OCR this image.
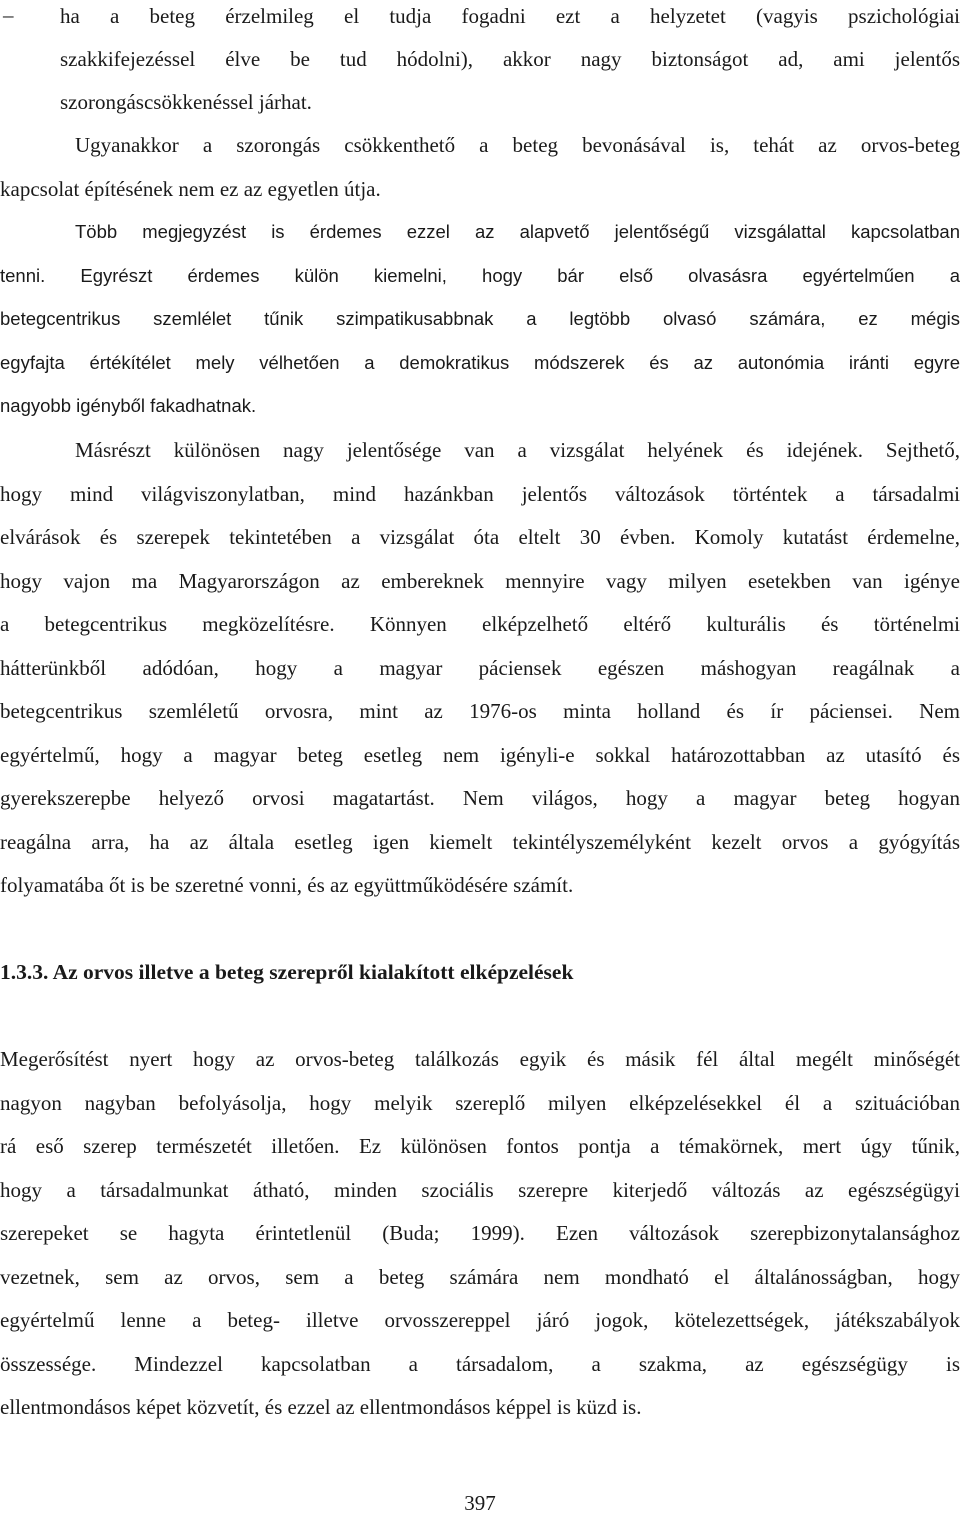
–	ha a beteg érzelmileg el tudja fogadni ezt a helyzetet (vagyis pszichológiai
szakkifejezéssel élve be tud hódolni), akkor nagy biztonságot ad, ami jelentős
szorongáscsökkenéssel járhat.
Ugyanakkor a szorongás csökkenthető a beteg bevonásával is, tehát az orvos-beteg
kapcsolat építésének nem ez az egyetlen útja.
Több megjegyzést is érdemes ezzel az alapvető jelentőségű vizsgálattal kapcsolatban
tenni. Egyrészt érdemes külön kiemelni, hogy bár első olvasásra egyértelműen a
betegcentrikus szemlélet tűnik szimpatikusabbnak a legtöbb olvasó számára, ez mégis
egyfajta értékítélet mely vélhetően a demokratikus módszerek és az autonómia iránti egyre
nagyobb igényből fakadhatnak.
Másrészt különösen nagy jelentősége van a vizsgálat helyének és idejének. Sejthető,
hogy mind világviszonylatban, mind hazánkban jelentős változások történtek a társadalmi
elvárások és szerepek tekintetében a vizsgálat óta eltelt 30 évben. Komoly kutatást érdemelne,
hogy vajon ma Magyarországon az embereknek mennyire vagy milyen esetekben van igénye
a betegcentrikus megközelítésre. Könnyen elképzelhető eltérő kulturális és történelmi
hátterünkből adódóan, hogy a magyar páciensek egészen máshogyan reagálnak a
betegcentrikus szemléletű orvosra, mint az 1976-os minta holland és ír páciensei. Nem
egyértelmű, hogy a magyar beteg esetleg nem igényli-e sokkal határozottabban az utasító és
gyerekszerepbe helyező orvosi magatartást. Nem világos, hogy a magyar beteg hogyan
reagálna arra, ha az általa esetleg igen kiemelt tekintélyszemélyként kezelt orvos a gyógyítás
folyamatába őt is be szeretné vonni, és az együttműködésére számít.
1.3.3. Az orvos illetve a beteg szerepről kialakított elképzelések
Megerősítést nyert hogy az orvos-beteg találkozás egyik és másik fél által megélt minőségét
nagyon nagyban befolyásolja, hogy melyik szereplő milyen elképzelésekkel él a szituációban
rá eső szerep természetét illetően. Ez különösen fontos pontja a témakörnek, mert úgy tűnik,
hogy a társadalmunkat átható, minden szociális szerepre kiterjedő változás az egészségügyi
szerepeket se hagyta érintetlenül (Buda; 1999). Ezen változások szerepbizonytalansághoz
vezetnek, sem az orvos, sem a beteg számára nem mondható el általánosságban, hogy
egyértelmű lenne a beteg- illetve orvosszereppel járó jogok, kötelezettségek, játékszabályok
összessége. Mindezzel kapcsolatban a társadalom, a szakma, az egészségügy is
ellentmondásos képet közvetít, és ezzel az ellentmondásos képpel is küzd is.
397
